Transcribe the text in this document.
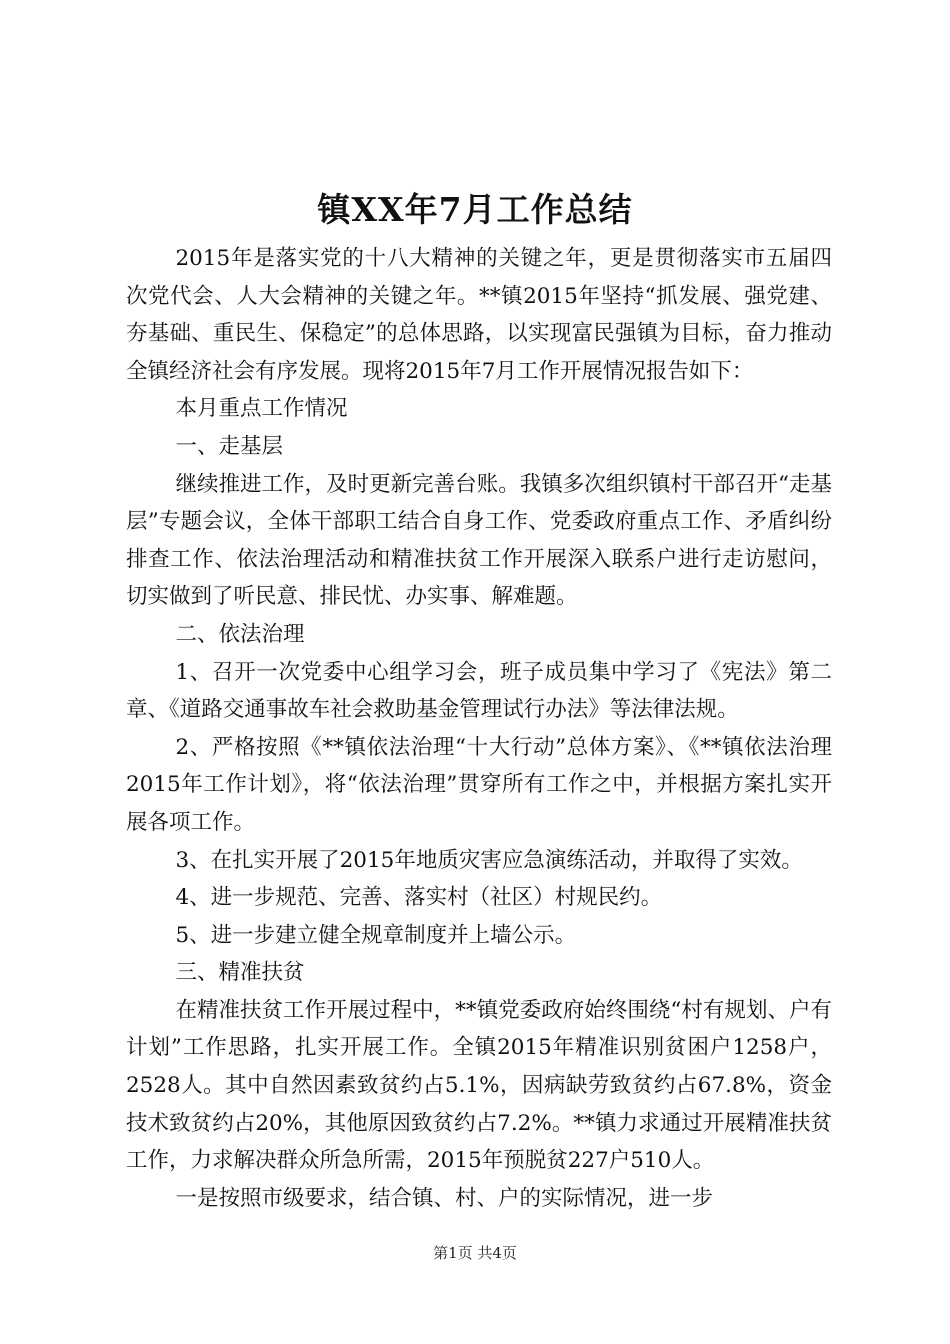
镇XX年7月工作总结

2015年是落实党的十八大精神的关键之年，更是贯彻落实市五届四次党代会、人大会精神的关键之年。**镇2015年坚持“抓发展、强党建、夯基础、重民生、保稳定”的总体思路，以实现富民强镇为目标，奋力推动全镇经济社会有序发展。现将2015年7月工作开展情况报告如下：

本月重点工作情况

一、走基层

继续推进工作，及时更新完善台账。我镇多次组织镇村干部召开“走基层”专题会议，全体干部职工结合自身工作、党委政府重点工作、矛盾纠纷排查工作、依法治理活动和精准扶贫工作开展深入联系户进行走访慰问，切实做到了听民意、排民忧、办实事、解难题。

二、依法治理

1、召开一次党委中心组学习会，班子成员集中学习了《宪法》第二章、《道路交通事故车社会救助基金管理试行办法》等法律法规。

2、严格按照《**镇依法治理“十大行动”总体方案》、《**镇依法治理2015年工作计划》，将“依法治理”贯穿所有工作之中，并根据方案扎实开展各项工作。

3、在扎实开展了2015年地质灾害应急演练活动，并取得了实效。

4、进一步规范、完善、落实村（社区）村规民约。

5、进一步建立健全规章制度并上墙公示。

三、精准扶贫

在精准扶贫工作开展过程中，**镇党委政府始终围绕“村有规划、户有计划”工作思路，扎实开展工作。全镇2015年精准识别贫困户1258户，2528人。其中自然因素致贫约占5.1%，因病缺劳致贫约占67.8%，资金技术致贫约占20%，其他原因致贫约占7.2%。**镇力求通过开展精准扶贫工作，力求解决群众所急所需，2015年预脱贫227户510人。

一是按照市级要求，结合镇、村、户的实际情况，进一步

第1页 共4页
